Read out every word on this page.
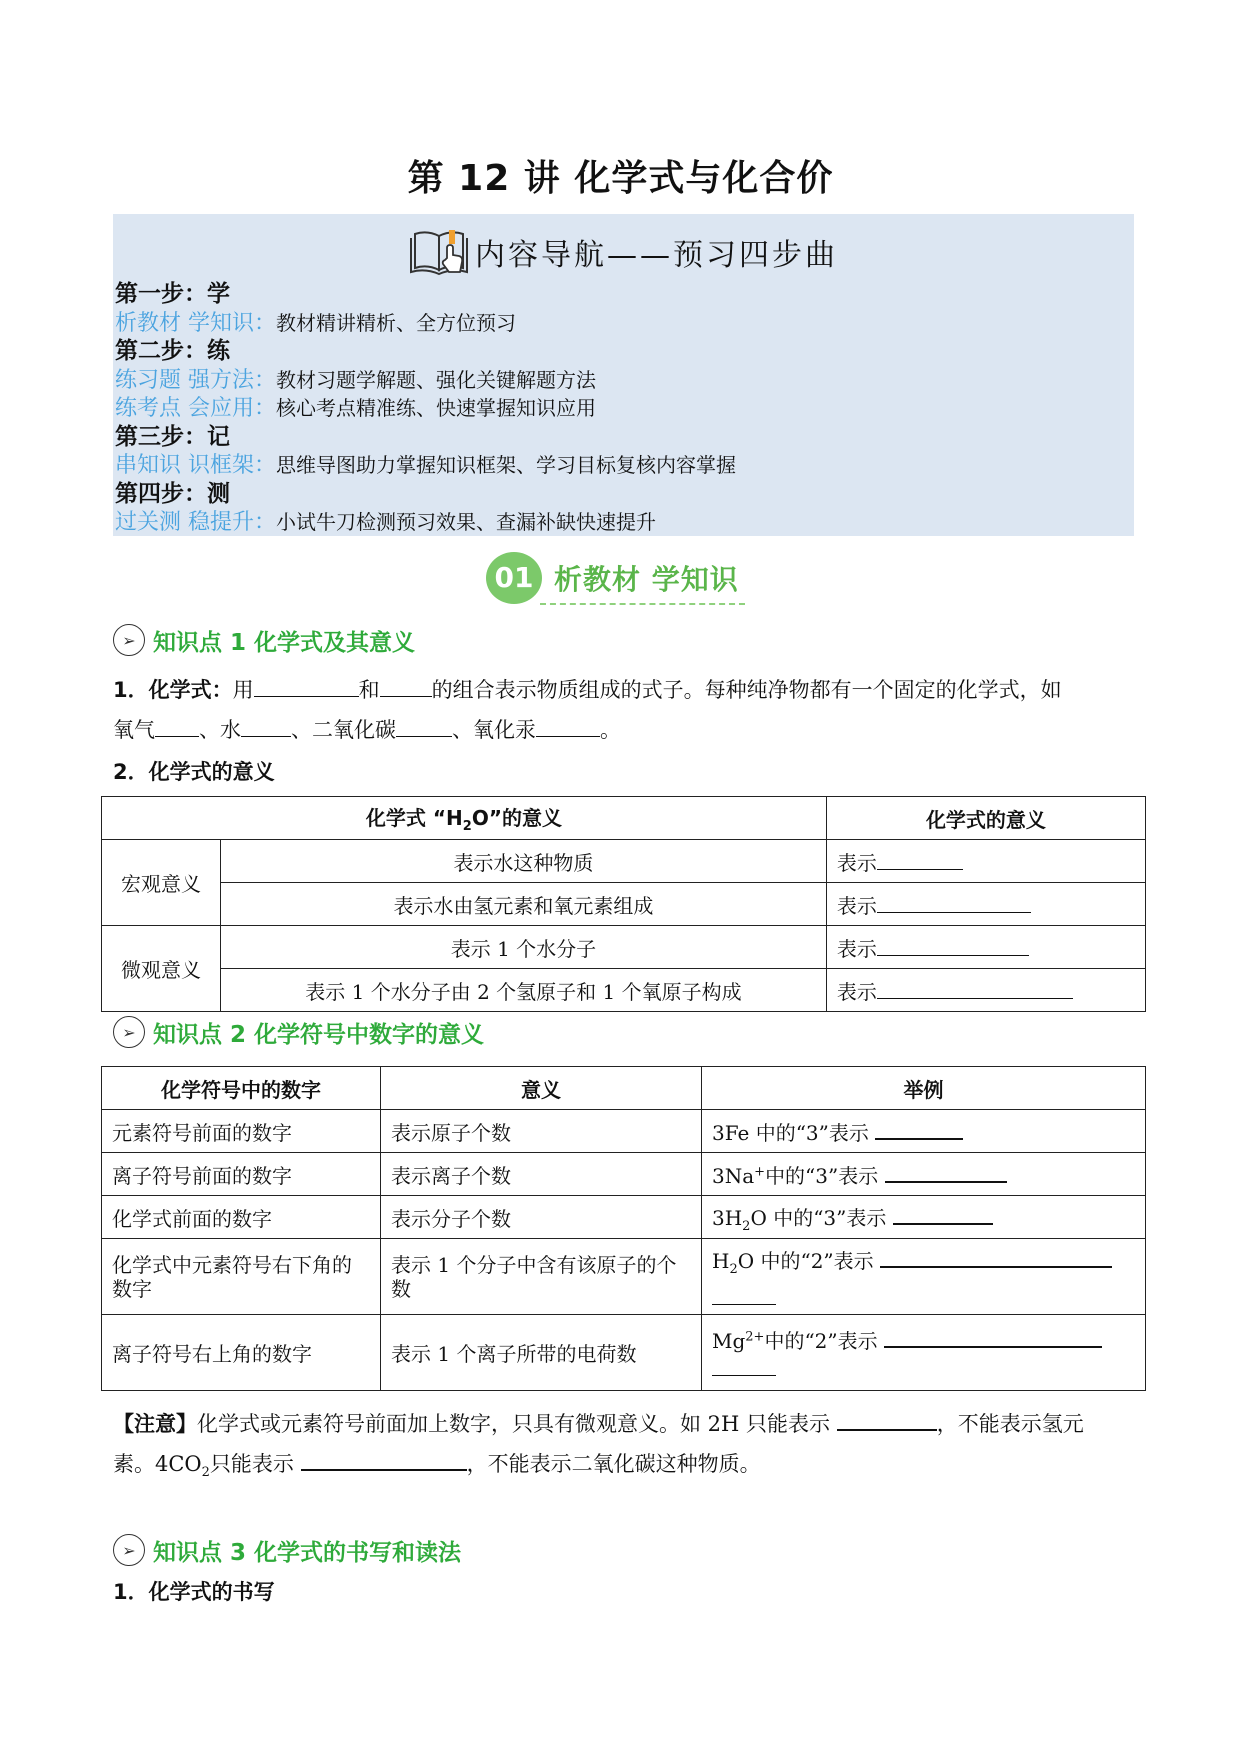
第 12 讲 化学式与化合价
内容导航——预习四步曲
第一步：学
析教材 学知识：教材精讲精析、全方位预习
第二步：练
练习题 强方法：教材习题学解题、强化关键解题方法
练考点 会应用：核心考点精准练、快速掌握知识应用
第三步：记
串知识 识框架：思维导图助力掌握知识框架、学习目标复核内容掌握
第四步：测
过关测 稳提升：小试牛刀检测预习效果、查漏补缺快速提升
01 析教材 学知识
➢ 知识点 1 化学式及其意义
1．化学式：用	和 的组合表示物质组成的式子。每种纯净物都有一个固定的化学式，如
氧气 、水 、二氧化碳	、氧化汞	。
2．化学式的意义
化学式 “$H_2O$”的意义		化学式的意义
宏观意义	表示水这种物质	表示
	表示水由氢元素和氧元素组成	表示
微观意义	表示 1 个水分子	表示
	表示 1 个水分子由 2 个氢原子和 1 个氧原子构成	表示
➢ 知识点 2 化学符号中数字的意义
化学符号中的数字	意义	举例
元素符号前面的数字	表示原子个数	3Fe 中的“3”表示
离子符号前面的数字	表示离子个数	3Na+中的“3”表示
化学式前面的数字	表示分子个数	$3H_2O$ 中的“3”表示
化学式中元素符号右下角的数字	表示 1 个分子中含有该原子的个数	$H_2O$ 中的“2”表示

离子符号右上角的数字	表示 1 个离子所带的电荷数	$Mg^{2+}$中的“2”表示

【注意】化学式或元素符号前面加上数字，只具有微观意义。如 2H 只能表示	，不能表示氢元
素。$4CO_2$只能表示	，不能表示二氧化碳这种物质。
➢ 知识点 3 化学式的书写和读法
1．化学式的书写
